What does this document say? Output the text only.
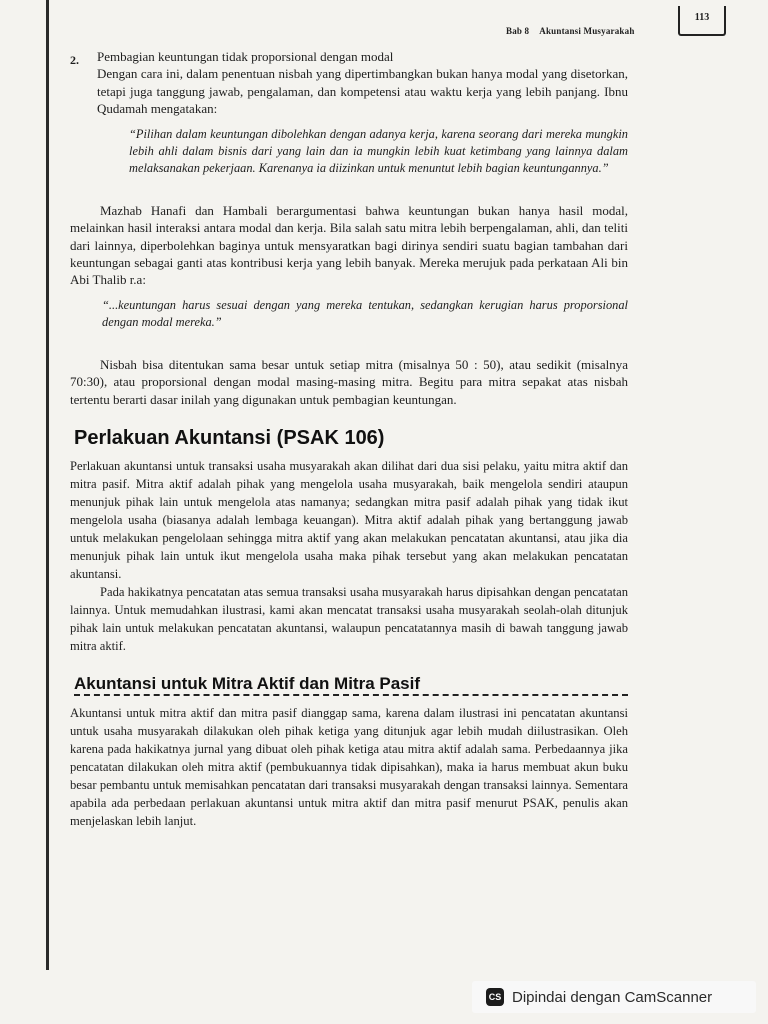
Bab 8 Akuntansi Musyarakah
113
2. Pembagian keuntungan tidak proporsional dengan modal

Dengan cara ini, dalam penentuan nisbah yang dipertimbangkan bukan hanya modal yang disetorkan, tetapi juga tanggung jawab, pengalaman, dan kompetensi atau waktu kerja yang lebih panjang. Ibnu Qudamah mengatakan:

“Pilihan dalam keuntungan dibolehkan dengan adanya kerja, karena seorang dari mereka mungkin lebih ahli dalam bisnis dari yang lain dan ia mungkin lebih kuat ketimbang yang lainnya dalam melaksanakan pekerjaan. Karenanya ia diizinkan untuk menuntut lebih bagian keuntungannya.”

Mazhab Hanafi dan Hambali berargumentasi bahwa keuntungan bukan hanya hasil modal, melainkan hasil interaksi antara modal dan kerja. Bila salah satu mitra lebih berpengalaman, ahli, dan teliti dari lainnya, diperbolehkan baginya untuk mensyaratkan bagi dirinya sendiri suatu bagian tambahan dari keuntungan sebagai ganti atas kontribusi kerja yang lebih banyak. Mereka merujuk pada perkataan Ali bin Abi Thalib r.a:

“...keuntungan harus sesuai dengan yang mereka tentukan, sedangkan kerugian harus proporsional dengan modal mereka.”

Nisbah bisa ditentukan sama besar untuk setiap mitra (misalnya 50 : 50), atau sedikit (misalnya 70:30), atau proporsional dengan modal masing-masing mitra. Begitu para mitra sepakat atas nisbah tertentu berarti dasar inilah yang digunakan untuk pembagian keuntungan.

Perlakuan Akuntansi (PSAK 106)

Perlakuan akuntansi untuk transaksi usaha musyarakah akan dilihat dari dua sisi pelaku, yaitu mitra aktif dan mitra pasif. Mitra aktif adalah pihak yang mengelola usaha musyarakah, baik mengelola sendiri ataupun menunjuk pihak lain untuk mengelola atas namanya; sedangkan mitra pasif adalah pihak yang tidak ikut mengelola usaha (biasanya adalah lembaga keuangan). Mitra aktif adalah pihak yang bertanggung jawab untuk melakukan pengelolaan sehingga mitra aktif yang akan melakukan pencatatan akuntansi, atau jika dia menunjuk pihak lain untuk ikut mengelola usaha maka pihak tersebut yang akan melakukan pencatatan akuntansi.

Pada hakikatnya pencatatan atas semua transaksi usaha musyarakah harus dipisahkan dengan pencatatan lainnya. Untuk memudahkan ilustrasi, kami akan mencatat transaksi usaha musyarakah seolah-olah ditunjuk pihak lain untuk melakukan pencatatan akuntansi, walaupun pencatatannya masih di bawah tanggung jawab mitra aktif.

Akuntansi untuk Mitra Aktif dan Mitra Pasif

Akuntansi untuk mitra aktif dan mitra pasif dianggap sama, karena dalam ilustrasi ini pencatatan akuntansi untuk usaha musyarakah dilakukan oleh pihak ketiga yang ditunjuk agar lebih mudah diilustrasikan. Oleh karena pada hakikatnya jurnal yang dibuat oleh pihak ketiga atau mitra aktif adalah sama. Perbedaannya jika pencatatan dilakukan oleh mitra aktif (pembukuannya tidak dipisahkan), maka ia harus membuat akun buku besar pembantu untuk memisahkan pencatatan dari transaksi musyarakah dengan transaksi lainnya. Sementara apabila ada perbedaan perlakuan akuntansi untuk mitra aktif dan mitra pasif menurut PSAK, penulis akan menjelaskan lebih lanjut.

CS Dipindai dengan CamScanner
